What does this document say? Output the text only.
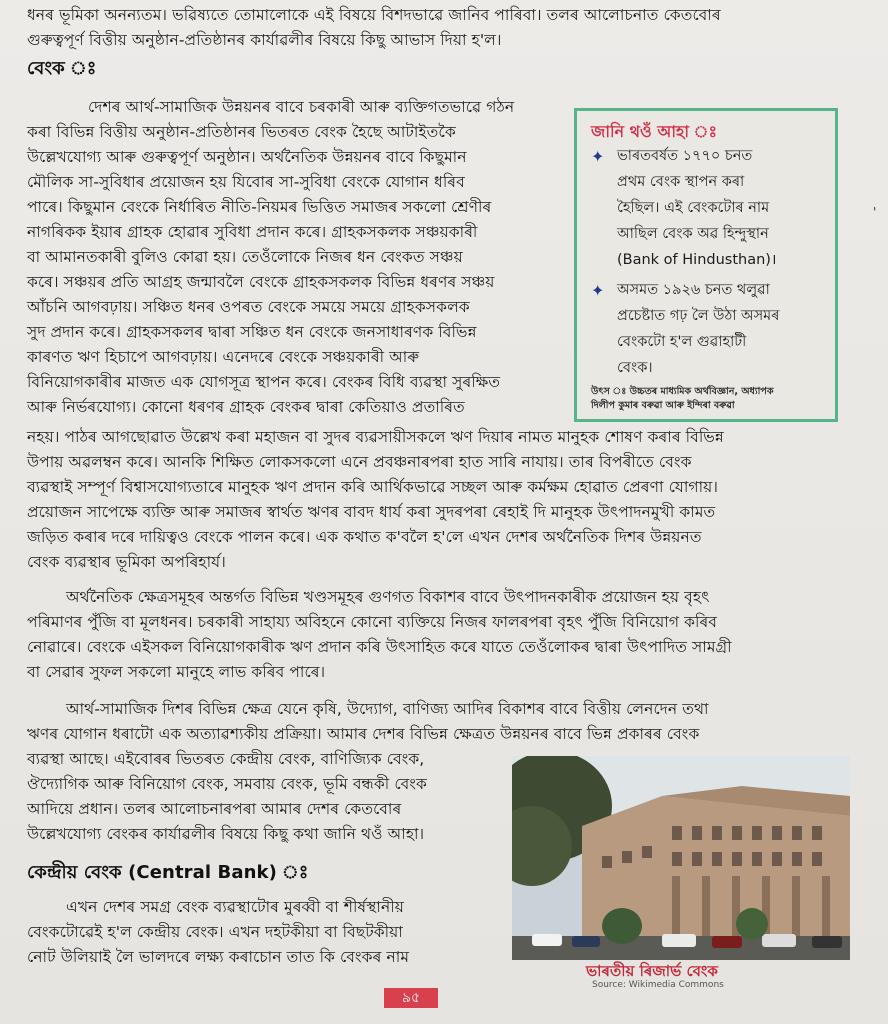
ধনৰ ভূমিকা অনন্যতম। ভৱিষ্যতে তোমালোকে এই বিষয়ে বিশদভাৱে জানিব পাৰিবা। তলৰ আলোচনাত কেতবোৰ
গুৰুত্বপূৰ্ণ বিত্তীয় অনুষ্ঠান-প্ৰতিষ্ঠানৰ কাৰ্যাৱলীৰ বিষয়ে কিছু আভাস দিয়া হ'ল।
বেংক ঃ
দেশৰ আৰ্থ-সামাজিক উন্নয়নৰ বাবে চৰকাৰী আৰু ব্যক্তিগতভাৱে গঠন
কৰা বিভিন্ন বিত্তীয় অনুষ্ঠান-প্ৰতিষ্ঠানৰ ভিতৰত বেংক হৈছে আটাইতকৈ
উল্লেখযোগ্য আৰু গুৰুত্বপূৰ্ণ অনুষ্ঠান। অৰ্থনৈতিক উন্নয়নৰ বাবে কিছুমান
মৌলিক সা-সুবিধাৰ প্ৰয়োজন হয় যিবোৰ সা-সুবিধা বেংকে যোগান ধৰিব
পাৰে। কিছুমান বেংকে নিৰ্ধাৰিত নীতি-নিয়মৰ ভিত্তিত সমাজৰ সকলো শ্ৰেণীৰ
নাগৰিকক ইয়াৰ গ্ৰাহক হোৱাৰ সুবিধা প্ৰদান কৰে। গ্ৰাহকসকলক সঞ্চয়কাৰী
বা আমানতকাৰী বুলিও কোৱা হয়। তেওঁলোকে নিজৰ ধন বেংকত সঞ্চয়
কৰে। সঞ্চয়ৰ প্ৰতি আগ্ৰহ জন্মাবলৈ বেংকে গ্ৰাহকসকলক বিভিন্ন ধৰণৰ সঞ্চয়
আঁচনি আগবঢ়ায়। সঞ্চিত ধনৰ ওপৰত বেংকে সময়ে সময়ে গ্ৰাহকসকলক
সুদ প্ৰদান কৰে। গ্ৰাহকসকলৰ দ্বাৰা সঞ্চিত ধন বেংকে জনসাধাৰণক বিভিন্ন
কাৰণত ঋণ হিচাপে আগবঢ়ায়। এনেদৰে বেংকে সঞ্চয়কাৰী আৰু
বিনিয়োগকাৰীৰ মাজত এক যোগসূত্ৰ স্থাপন কৰে। বেংকৰ বিধি ব্যৱস্থা সুৰক্ষিত
আৰু নিৰ্ভৰযোগ্য। কোনো ধৰণৰ গ্ৰাহক বেংকৰ দ্বাৰা কেতিয়াও প্ৰতাৰিত
নহয়। পাঠৰ আগছোৱাত উল্লেখ কৰা মহাজন বা সুদৰ ব্যৱসায়ীসকলে ঋণ দিয়াৰ নামত মানুহক শোষণ কৰাৰ বিভিন্ন
উপায় অৱলম্বন কৰে। আনকি শিক্ষিত লোকসকলো এনে প্ৰবঞ্চনাৰপৰা হাত সাৰি নাযায়। তাৰ বিপৰীতে বেংক
ব্যৱস্থাই সম্পূৰ্ণ বিশ্বাসযোগ্যতাৰে মানুহক ঋণ প্ৰদান কৰি আৰ্থিকভাৱে সচ্ছল আৰু কৰ্মক্ষম হোৱাত প্ৰেৰণা যোগায়।
প্ৰয়োজন সাপেক্ষে ব্যক্তি আৰু সমাজৰ স্বাৰ্থত ঋণৰ বাবদ ধাৰ্য কৰা সুদৰপৰা ৰেহাই দি মানুহক উৎপাদনমুখী কামত
জড়িত কৰাৰ দৰে দায়িত্বও বেংকে পালন কৰে। এক কথাত ক'বলৈ হ'লে এখন দেশৰ অৰ্থনৈতিক দিশৰ উন্নয়নত
বেংক ব্যৱস্থাৰ ভূমিকা অপৰিহাৰ্য।
অৰ্থনৈতিক ক্ষেত্ৰসমূহৰ অন্তৰ্গত বিভিন্ন খণ্ডসমূহৰ গুণগত বিকাশৰ বাবে উৎপাদনকাৰীক প্ৰয়োজন হয় বৃহৎ
পৰিমাণৰ পুঁজি বা মূলধনৰ। চৰকাৰী সাহায্য অবিহনে কোনো ব্যক্তিয়ে নিজৰ ফালৰপৰা বৃহৎ পুঁজি বিনিয়োগ কৰিব
নোৱাৰে। বেংকে এইসকল বিনিয়োগকাৰীক ঋণ প্ৰদান কৰি উৎসাহিত কৰে যাতে তেওঁলোকৰ দ্বাৰা উৎপাদিত সামগ্ৰী
বা সেৱাৰ সুফল সকলো মানুহে লাভ কৰিব পাৰে।
আৰ্থ-সামাজিক দিশৰ বিভিন্ন ক্ষেত্ৰ যেনে কৃষি, উদ্যোগ, বাণিজ্য আদিৰ বিকাশৰ বাবে বিত্তীয় লেনদেন তথা
ঋণৰ যোগান ধৰাটো এক অত্যাৱশ্যকীয় প্ৰক্ৰিয়া। আমাৰ দেশৰ বিভিন্ন ক্ষেত্ৰত উন্নয়নৰ বাবে ভিন্ন প্ৰকাৰৰ বেংক
ব্যৱস্থা আছে। এইবোৰৰ ভিতৰত কেন্দ্ৰীয় বেংক, বাণিজ্যিক বেংক,
ঔদ্যোগিক আৰু বিনিয়োগ বেংক, সমবায় বেংক, ভূমি বন্ধকী বেংক
আদিয়ে প্ৰধান। তলৰ আলোচনাৰপৰা আমাৰ দেশৰ কেতবোৰ
উল্লেখযোগ্য বেংকৰ কাৰ্যাৱলীৰ বিষয়ে কিছু কথা জানি থওঁ আহা।
কেন্দ্ৰীয় বেংক (Central Bank) ঃ
এখন দেশৰ সমগ্ৰ বেংক ব্যৱস্থাটোৰ মুৰব্বী বা শীৰ্ষস্থানীয়
বেংকটোৱেই হ'ল কেন্দ্ৰীয় বেংক। এখন দহটকীয়া বা বিছটকীয়া
নোট উলিয়াই লৈ ভালদৰে লক্ষ্য কৰাচোন তাত কি বেংকৰ নাম
জানি থওঁ আহা ঃ
✦ ভাৰতবৰ্ষত ১৭৭০ চনত
প্ৰথম বেংক স্থাপন কৰা
হৈছিল। এই বেংকটোৰ নাম
আছিল বেংক অৱ হিন্দুস্থান
(Bank of Hindusthan)।
✦ অসমত ১৯২৬ চনত থলুৱা
প্ৰচেষ্টাত গঢ় লৈ উঠা অসমৰ
বেংকটো হ'ল গুৱাহাটী
বেংক।
উৎস ঃ উচ্চতৰ মাধ্যমিক অৰ্থবিজ্ঞান, অধ্যাপক
দিলীপ কুমাৰ বৰুৱা আৰু ইন্দিৰা বৰুৱা
ভাৰতীয় ৰিজাৰ্ভ বেংক
Source: Wikimedia Commons
৯৫
'
